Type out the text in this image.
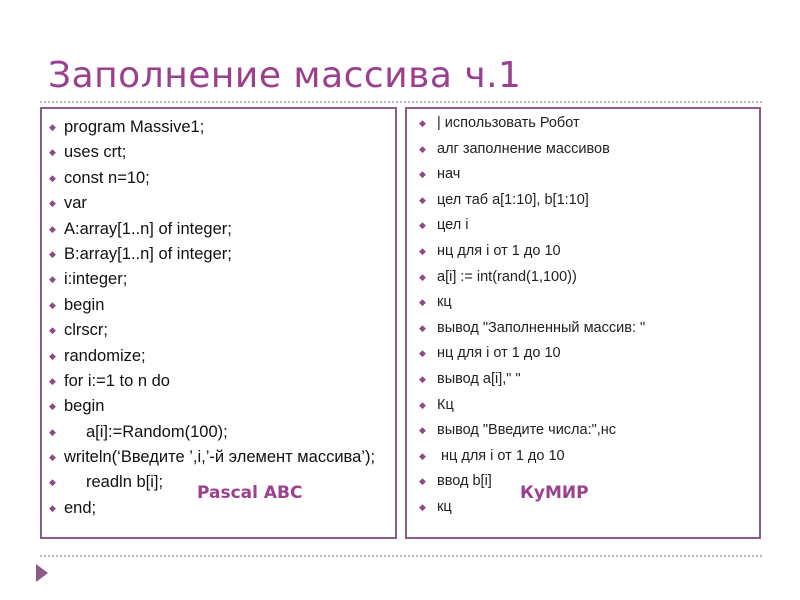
Заполнение массива ч.1
◆ program Massive1;
◆ uses crt;
◆ const n=10;
◆ var
◆ A:array[1..n] of integer;
◆ B:array[1..n] of integer;
◆ i:integer;
◆ begin
◆ clrscr;
◆ randomize;
◆ for i:=1 to n do
◆ begin
◆ a[i]:=Random(100);
◆ writeln(‘Введите ’,i,’-й элемент массива’);
◆ readln b[i];
◆ end;
Pascal ABC
◆ | использовать Робот
◆ алг заполнение массивов
◆ нач
◆ цел таб a[1:10], b[1:10]
◆ цел i
◆ нц для i от 1 до 10
◆ a[i] := int(rand(1,100))
◆ кц
◆ вывод "Заполненный массив: "
◆ нц для i от 1 до 10
◆ вывод a[i]," "
◆ Кц
◆ вывод "Введите числа:",нс
◆ нц для i от 1 до 10
◆ ввод b[i]
◆ кц
КуМИР
